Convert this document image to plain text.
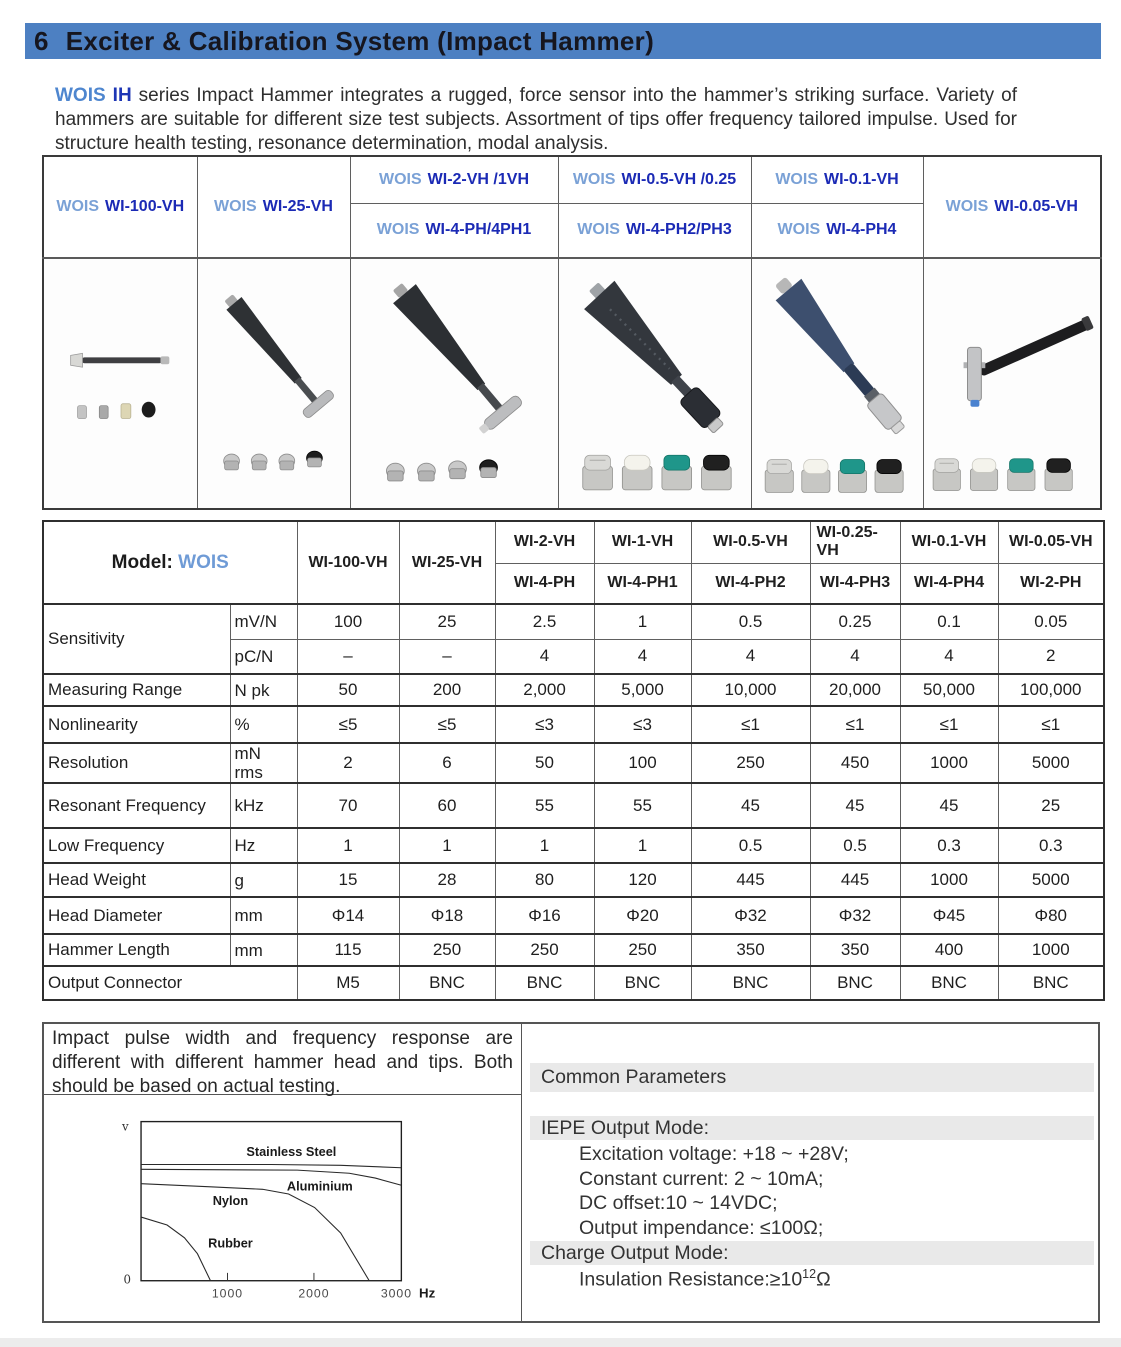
6 Exciter & Calibration System (Impact Hammer)
WOIS IH series Impact Hammer integrates a rugged, force sensor into the hammer’s striking surface. Variety of hammers are suitable for different size test subjects. Assortment of tips offer frequency tailored impulse. Used for structure health testing, resonance determination, modal analysis.
WOIS WI-100-VH	WOIS WI-25-VH	WOIS WI-2-VH /1VH	WOIS WI-0.5-VH /0.25	WOIS WI-0.1-VH	WOIS WI-0.05-VH
		WOIS WI-4-PH/4PH1	WOIS WI-4-PH2/PH3	WOIS WI-4-PH4	

Model: WOIS		WI-100-VH	WI-25-VH	WI-2-VH	WI-1-VH	WI-0.5-VH	WI-0.25-VH	WI-0.1-VH	WI-0.05-VH
				WI-4-PH	WI-4-PH1	WI-4-PH2	WI-4-PH3	WI-4-PH4	WI-2-PH
Sensitivity	mV/N	100	25	2.5	1	0.5	0.25	0.1	0.05
	pC/N	–	–	4	4	4	4	4	2
Measuring Range	N pk	50	200	2,000	5,000	10,000	20,000	50,000	100,000
Nonlinearity	%	≤5	≤5	≤3	≤3	≤1	≤1	≤1	≤1
Resolution	mN rms	2	6	50	100	250	450	1000	5000
Resonant Frequency	kHz	70	60	55	55	45	45	45	25
Low Frequency	Hz	1	1	1	1	0.5	0.5	0.3	0.3
Head Weight	g	15	28	80	120	445	445	1000	5000
Head Diameter	mm	Φ14	Φ18	Φ16	Φ20	Φ32	Φ32	Φ45	Φ80
Hammer Length	mm	115	250	250	250	350	350	400	1000
Output Connector		M5	BNC	BNC	BNC	BNC	BNC	BNC	BNC
Impact pulse width and frequency response are different with different hammer head and tips. Both should be based on actual testing.
v
0
1000	2000	3000 Hz
Stainless Steel
Aluminium
Nylon
Rubber
Common Parameters
IEPE Output Mode:
Excitation voltage: +18 ~ +28V;
Constant current: 2 ~ 10mA;
DC offset:10 ~ 14VDC;
Output impendance: ≤100Ω;
Charge Output Mode:
Insulation $Resistance:\ge 10^{12}\Omega$
